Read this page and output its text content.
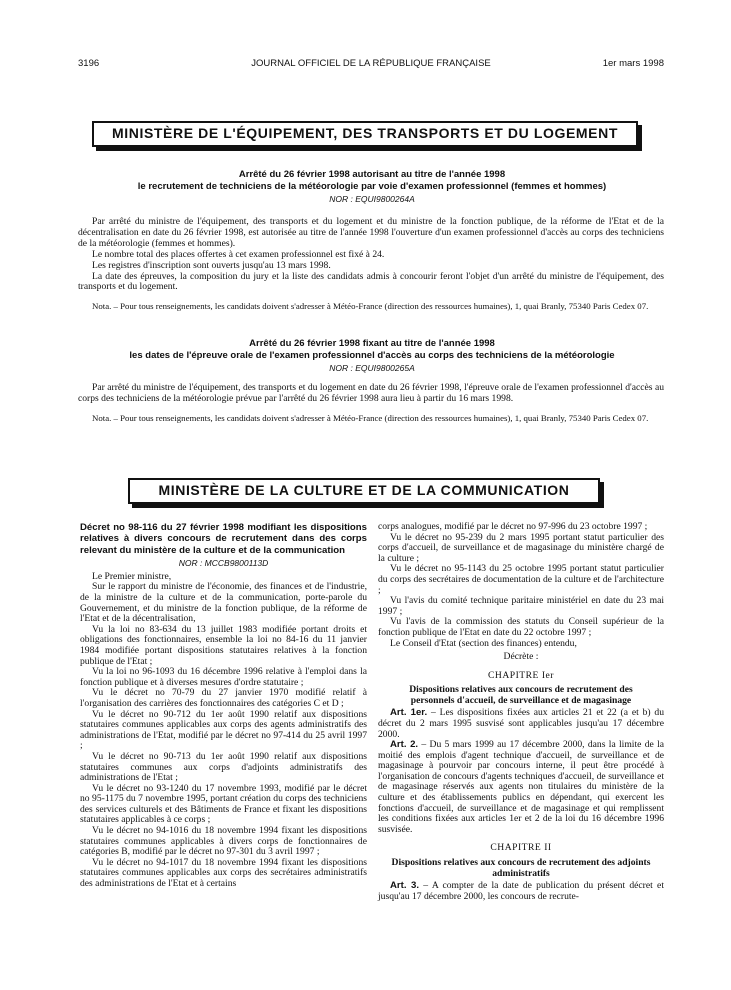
3196	JOURNAL OFFICIEL DE LA RÉPUBLIQUE FRANÇAISE	1er mars 1998
MINISTÈRE DE L'ÉQUIPEMENT, DES TRANSPORTS ET DU LOGEMENT
Arrêté du 26 février 1998 autorisant au titre de l'année 1998
le recrutement de techniciens de la météorologie par voie d'examen professionnel (femmes et hommes)
NOR : EQUI9800264A

Par arrêté du ministre de l'équipement, des transports et du logement et du ministre de la fonction publique, de la réforme de l'Etat et de la décentralisation en date du 26 février 1998, est autorisée au titre de l'année 1998 l'ouverture d'un examen professionnel d'accès au corps des techniciens de la météorologie (femmes et hommes).

Le nombre total des places offertes à cet examen professionnel est fixé à 24.

Les registres d'inscription sont ouverts jusqu'au 13 mars 1998.

La date des épreuves, la composition du jury et la liste des candidats admis à concourir feront l'objet d'un arrêté du ministre de l'équipement, des transports et du logement.

Nota. – Pour tous renseignements, les candidats doivent s'adresser à Météo-France (direction des ressources humaines), 1, quai Branly, 75340 Paris Cedex 07.

Arrêté du 26 février 1998 fixant au titre de l'année 1998
les dates de l'épreuve orale de l'examen professionnel d'accès au corps des techniciens de la météorologie
NOR : EQUI9800265A

Par arrêté du ministre de l'équipement, des transports et du logement en date du 26 février 1998, l'épreuve orale de l'examen professionnel d'accès au corps des techniciens de la météorologie prévue par l'arrêté du 26 février 1998 aura lieu à partir du 16 mars 1998.

Nota. – Pour tous renseignements, les candidats doivent s'adresser à Météo-France (direction des ressources humaines), 1, quai Branly, 75340 Paris Cedex 07.

MINISTÈRE DE LA CULTURE ET DE LA COMMUNICATION

Décret no 98-116 du 27 février 1998 modifiant les dispositions relatives à divers concours de recrutement dans des corps relevant du ministère de la culture et de la communication

NOR : MCCB9800113D

Le Premier ministre,

Sur le rapport du ministre de l'économie, des finances et de l'industrie, de la ministre de la culture et de la communication, porte-parole du Gouvernement, et du ministre de la fonction publique, de la réforme de l'Etat et de la décentralisation,

Vu la loi no 83-634 du 13 juillet 1983 modifiée portant droits et obligations des fonctionnaires, ensemble la loi no 84-16 du 11 janvier 1984 modifiée portant dispositions statutaires relatives à la fonction publique de l'Etat ;

Vu la loi no 96-1093 du 16 décembre 1996 relative à l'emploi dans la fonction publique et à diverses mesures d'ordre statutaire ;

Vu le décret no 70-79 du 27 janvier 1970 modifié relatif à l'organisation des carrières des fonctionnaires des catégories C et D ;

Vu le décret no 90-712 du 1er août 1990 relatif aux dispositions statutaires communes applicables aux corps des agents administratifs des administrations de l'Etat, modifié par le décret no 97-414 du 25 avril 1997 ;

Vu le décret no 90-713 du 1er août 1990 relatif aux dispositions statutaires communes aux corps d'adjoints administratifs des administrations de l'Etat ;

Vu le décret no 93-1240 du 17 novembre 1993, modifié par le décret no 95-1175 du 7 novembre 1995, portant création du corps des techniciens des services culturels et des Bâtiments de France et fixant les dispositions statutaires applicables à ce corps ;

Vu le décret no 94-1016 du 18 novembre 1994 fixant les dispositions statutaires communes applicables à divers corps de fonctionnaires de catégories B, modifié par le décret no 97-301 du 3 avril 1997 ;

Vu le décret no 94-1017 du 18 novembre 1994 fixant les dispositions statutaires communes applicables aux corps des secrétaires administratifs des administrations de l'Etat et à certains

corps analogues, modifié par le décret no 97-996 du 23 octobre 1997 ;

Vu le décret no 95-239 du 2 mars 1995 portant statut particulier des corps d'accueil, de surveillance et de magasinage du ministère chargé de la culture ;

Vu le décret no 95-1143 du 25 octobre 1995 portant statut particulier du corps des secrétaires de documentation de la culture et de l'architecture ;

Vu l'avis du comité technique paritaire ministériel en date du 23 mai 1997 ;

Vu l'avis de la commission des statuts du Conseil supérieur de la fonction publique de l'Etat en date du 22 octobre 1997 ;

Le Conseil d'Etat (section des finances) entendu,

Décrète :

CHAPITRE Ier

Dispositions relatives aux concours de recrutement des personnels d'accueil, de surveillance et de magasinage

Art. 1er. – Les dispositions fixées aux articles 21 et 22 (a et b) du décret du 2 mars 1995 susvisé sont applicables jusqu'au 17 décembre 2000.

Art. 2. – Du 5 mars 1999 au 17 décembre 2000, dans la limite de la moitié des emplois d'agent technique d'accueil, de surveillance et de magasinage à pourvoir par concours interne, il peut être procédé à l'organisation de concours d'agents techniques d'accueil, de surveillance et de magasinage réservés aux agents non titulaires du ministère de la culture et des établissements publics en dépendant, qui exercent les fonctions d'accueil, de surveillance et de magasinage et qui remplissent les conditions fixées aux articles 1er et 2 de la loi du 16 décembre 1996 susvisée.

CHAPITRE II

Dispositions relatives aux concours de recrutement des adjoints administratifs

Art. 3. – A compter de la date de publication du présent décret et jusqu'au 17 décembre 2000, les concours de recrute-
